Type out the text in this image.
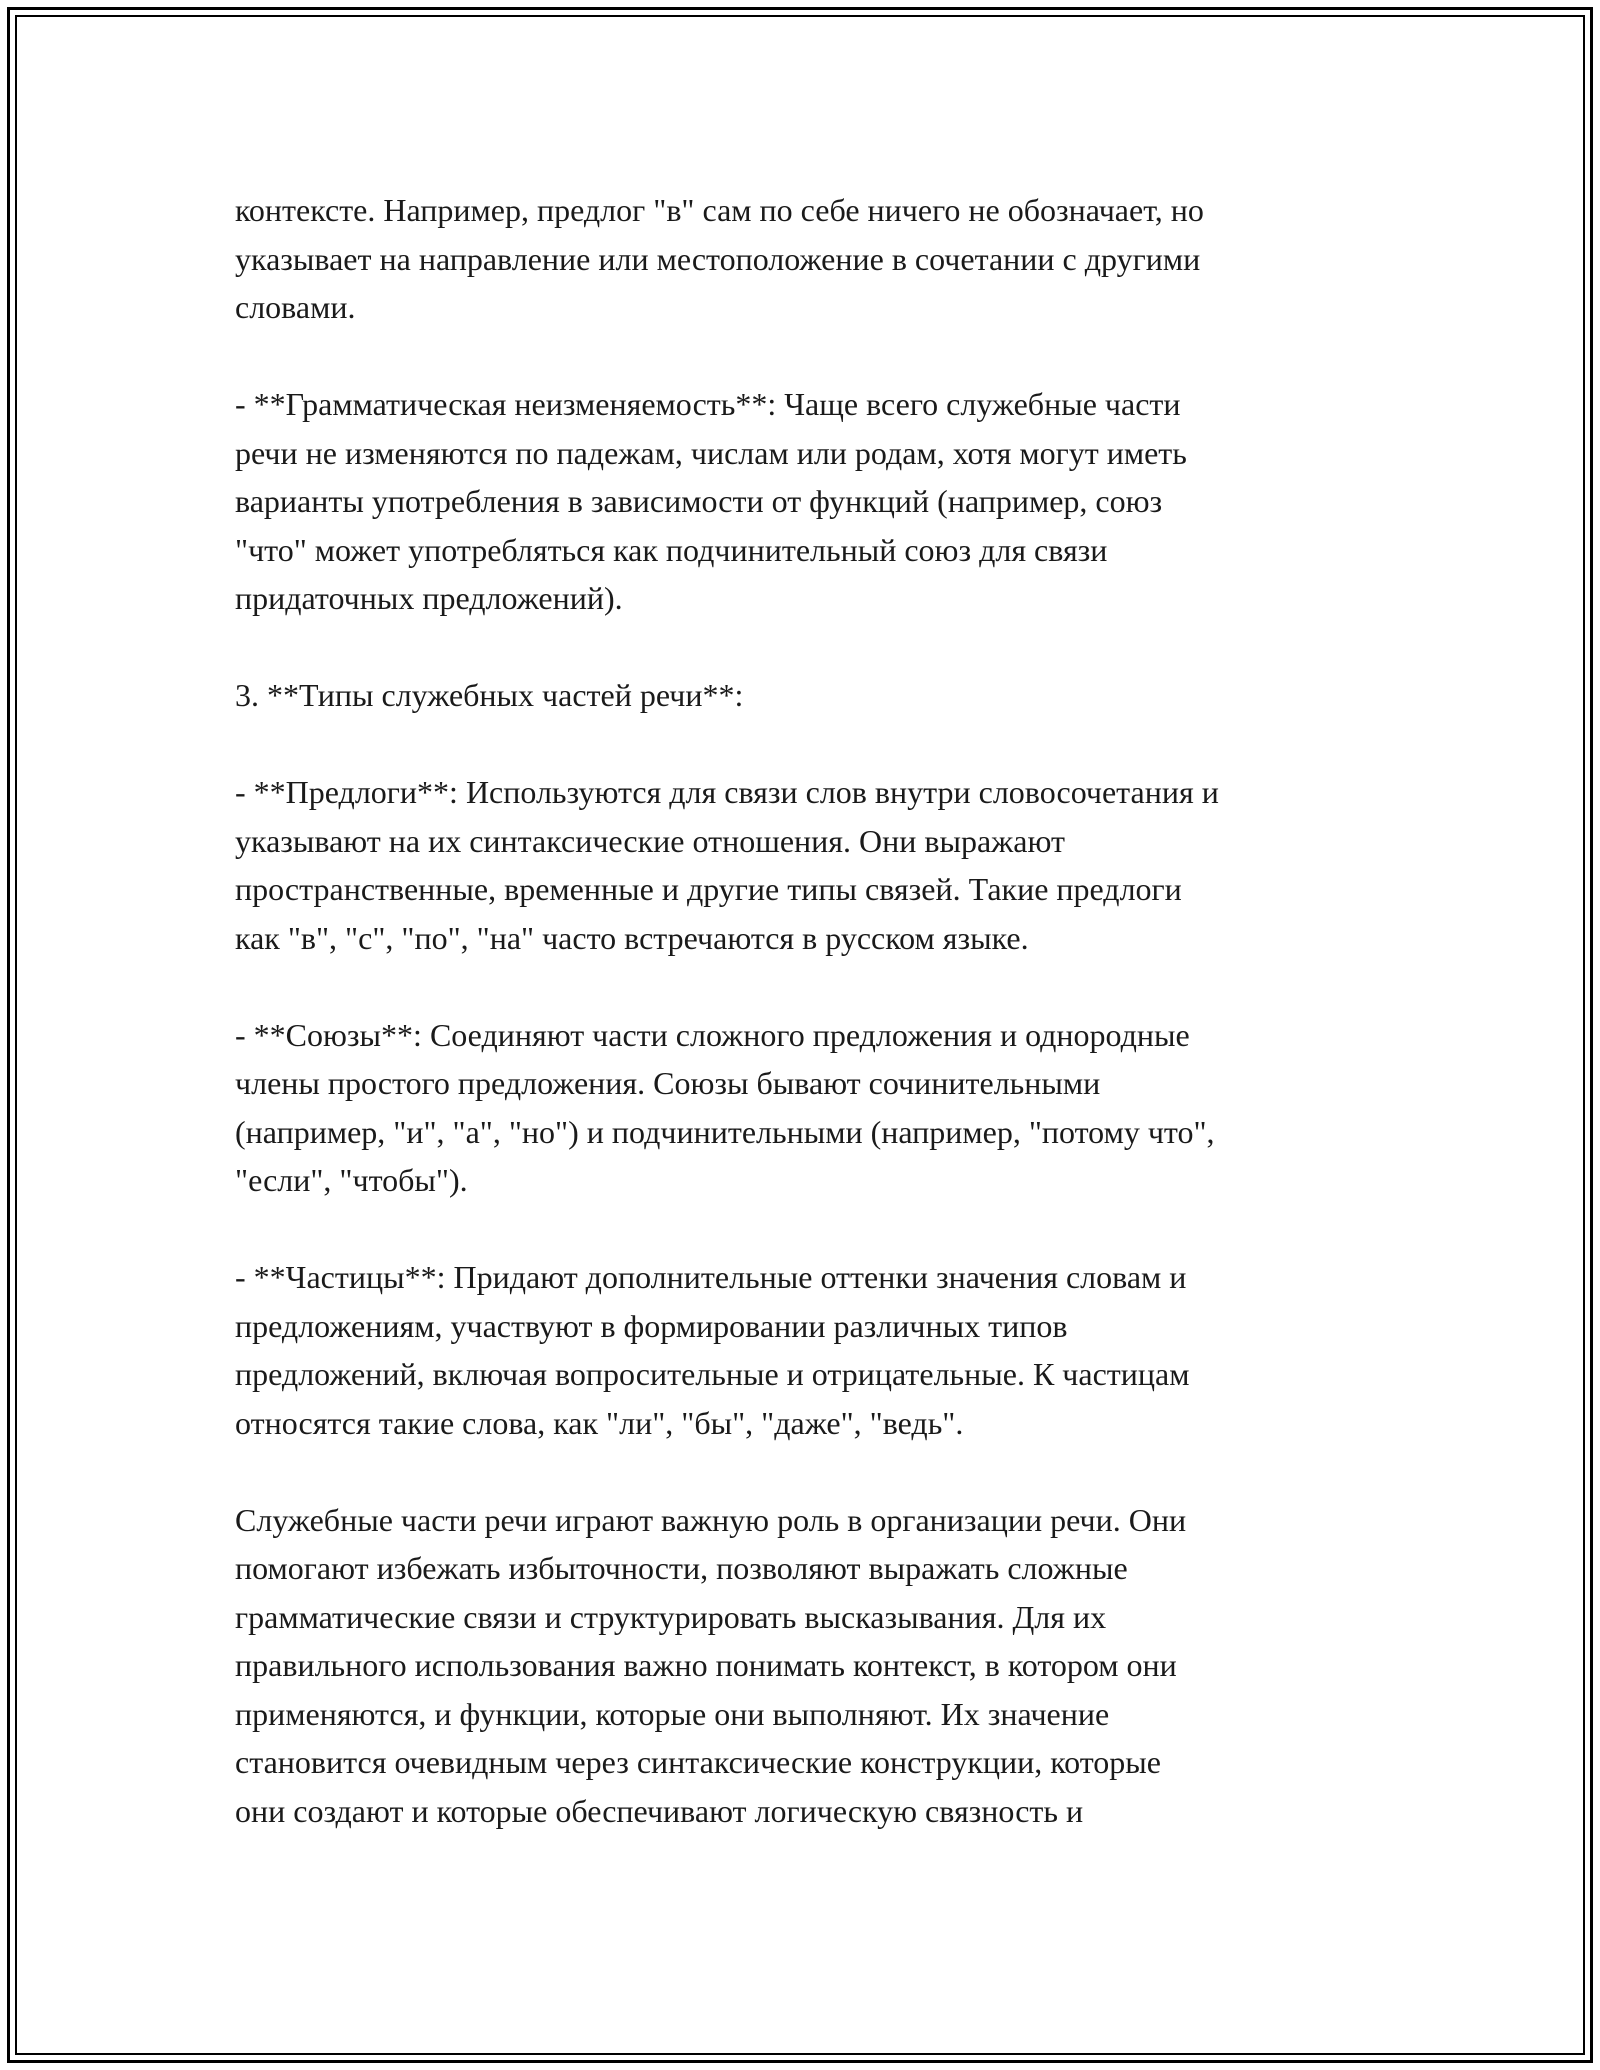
контексте. Например, предлог "в" сам по себе ничего не обозначает, но
указывает на направление или местоположение в сочетании с другими
словами.

- **Грамматическая неизменяемость**: Чаще всего служебные части
речи не изменяются по падежам, числам или родам, хотя могут иметь
варианты употребления в зависимости от функций (например, союз
"что" может употребляться как подчинительный союз для связи
придаточных предложений).

3. **Типы служебных частей речи**:

- **Предлоги**: Используются для связи слов внутри словосочетания и
указывают на их синтаксические отношения. Они выражают
пространственные, временные и другие типы связей. Такие предлоги
как "в", "с", "по", "на" часто встречаются в русском языке.

- **Союзы**: Соединяют части сложного предложения и однородные
члены простого предложения. Союзы бывают сочинительными
(например, "и", "а", "но") и подчинительными (например, "потому что",
"если", "чтобы").

- **Частицы**: Придают дополнительные оттенки значения словам и
предложениям, участвуют в формировании различных типов
предложений, включая вопросительные и отрицательные. К частицам
относятся такие слова, как "ли", "бы", "даже", "ведь".

Служебные части речи играют важную роль в организации речи. Они
помогают избежать избыточности, позволяют выражать сложные
грамматические связи и структурировать высказывания. Для их
правильного использования важно понимать контекст, в котором они
применяются, и функции, которые они выполняют. Их значение
становится очевидным через синтаксические конструкции, которые
они создают и которые обеспечивают логическую связность и
